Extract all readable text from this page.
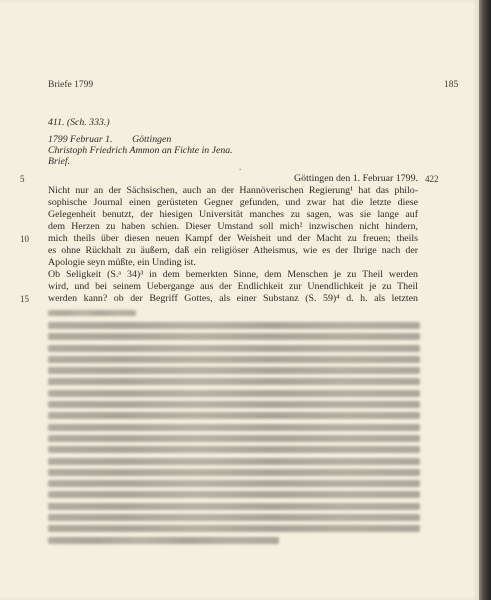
Briefe 1799	185
411. (Sch. 333.)
1799 Februar 1.        Göttingen
Christoph Friedrich Ammon an Fichte in Jena.
Brief.	.
5	422
Göttingen den 1. Februar 1799.
Nicht nur an der Sächsischen, auch an der Hannöverischen Regierung¹ hat das philo-
sophische Journal einen gerüsteten Gegner gefunden, und zwar hat die letzte diese
Gelegenheit benutzt, der hiesigen Universität manches zu sagen, was sie lange auf
dem Herzen zu haben schien. Dieser Umstand soll mich² inzwischen nicht hindern,
10 mich theils über diesen neuen Kampf der Weisheit und der Macht zu freuen; theils
es ohne Rückhalt zu äußern, daß ein religiöser Atheismus, wie es der Ihrige nach der
Apologie seyn müßte, ein Unding ist.
Ob Seligkeit (S.ᵃ 34)³ in dem bemerkten Sinne, dem Menschen je zu Theil werden
wird, und bei seinem Uebergange aus der Endlichkeit zur Unendlichkeit je zu Theil
15 werden kann? ob der Begriff Gottes, als einer Substanz (S. 59)⁴ d. h. als letzten
